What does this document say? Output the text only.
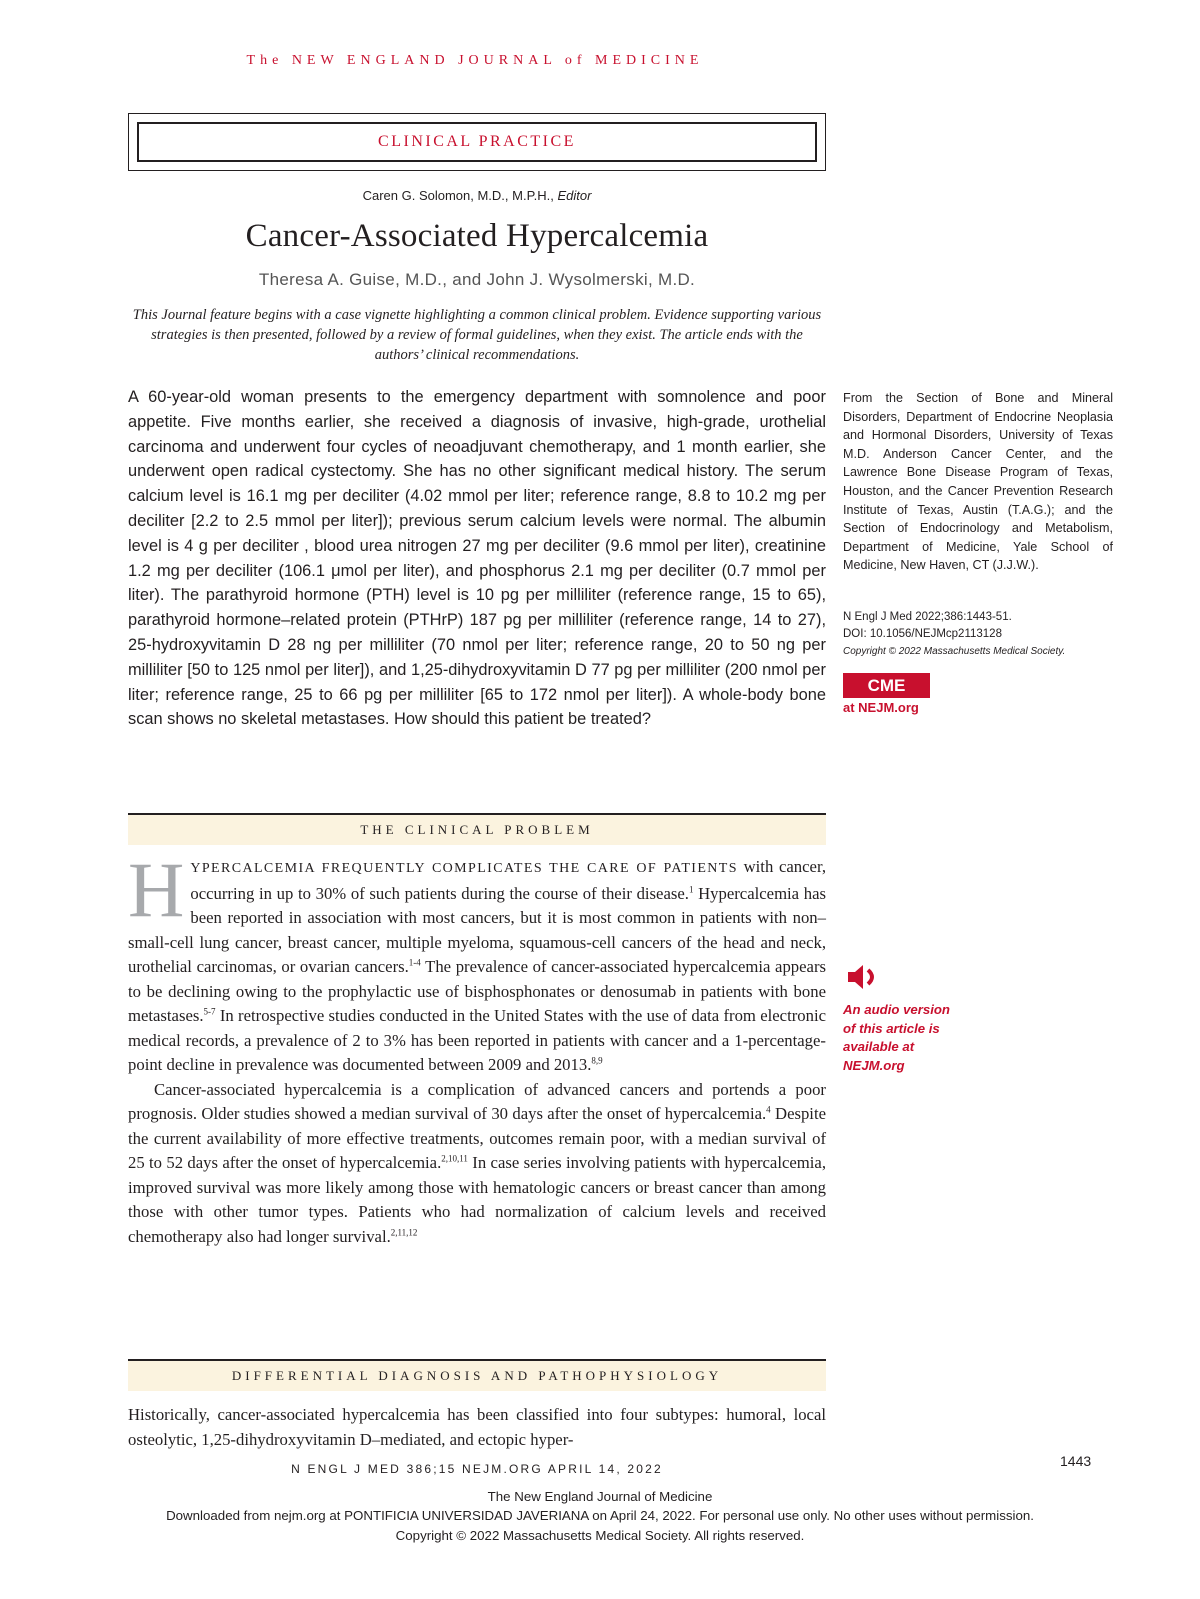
The NEW ENGLAND JOURNAL of MEDICINE
CLINICAL PRACTICE
Caren G. Solomon, M.D., M.P.H., Editor
Cancer-Associated Hypercalcemia
Theresa A. Guise, M.D., and John J. Wysolmerski, M.D.
This Journal feature begins with a case vignette highlighting a common clinical problem. Evidence supporting various strategies is then presented, followed by a review of formal guidelines, when they exist. The article ends with the authors’ clinical recommendations.
A 60-year-old woman presents to the emergency department with somnolence and poor appetite. Five months earlier, she received a diagnosis of invasive, high-grade, urothelial carcinoma and underwent four cycles of neoadjuvant chemotherapy, and 1 month earlier, she underwent open radical cystectomy. She has no other significant medical history. The serum calcium level is 16.1 mg per deciliter (4.02 mmol per liter; reference range, 8.8 to 10.2 mg per deciliter [2.2 to 2.5 mmol per liter]); previous serum calcium levels were normal. The albumin level is 4 g per deciliter , blood urea nitrogen 27 mg per deciliter (9.6 mmol per liter), creatinine 1.2 mg per deciliter (106.1 μmol per liter), and phosphorus 2.1 mg per deciliter (0.7 mmol per liter). The parathyroid hormone (PTH) level is 10 pg per milliliter (reference range, 15 to 65), parathyroid hormone–related protein (PTHrP) 187 pg per milliliter (reference range, 14 to 27), 25-hydroxyvitamin D 28 ng per milliliter (70 nmol per liter; reference range, 20 to 50 ng per milliliter [50 to 125 nmol per liter]), and 1,25-dihydroxyvitamin D 77 pg per milliliter (200 nmol per liter; reference range, 25 to 66 pg per milliliter [65 to 172 nmol per liter]). A whole-body bone scan shows no skeletal metastases. How should this patient be treated?
From the Section of Bone and Mineral Disorders, Department of Endocrine Neoplasia and Hormonal Disorders, University of Texas M.D. Anderson Cancer Center, and the Lawrence Bone Disease Program of Texas, Houston, and the Cancer Prevention Research Institute of Texas, Austin (T.A.G.); and the Section of Endocrinology and Metabolism, Department of Medicine, Yale School of Medicine, New Haven, CT (J.J.W.).
N Engl J Med 2022;386:1443-51.
DOI: 10.1056/NEJMcp2113128
Copyright © 2022 Massachusetts Medical Society.
CME
at NEJM.org
THE CLINICAL PROBLEM

HYPERCALCEMIA FREQUENTLY COMPLICATES THE CARE OF PATIENTS with cancer, occurring in up to 30% of such patients during the course of their disease.$^1$ Hypercalcemia has been reported in association with most cancers, but it is most common in patients with non–small-cell lung cancer, breast cancer, multiple myeloma, squamous-cell cancers of the head and neck, urothelial carcinomas, or ovarian cancers.$^{1-4}$ The prevalence of cancer-associated hypercalcemia appears to be declining owing to the prophylactic use of bisphosphonates or denosumab in patients with bone metastases.$^{5-7}$ In retrospective studies conducted in the United States with the use of data from electronic medical records, a prevalence of 2 to 3% has been reported in patients with cancer and a 1-percentage-point decline in prevalence was documented between 2009 and 2013.$^{8,9}$

Cancer-associated hypercalcemia is a complication of advanced cancers and portends a poor prognosis. Older studies showed a median survival of 30 days after the onset of hypercalcemia.$^4$ Despite the current availability of more effective treatments, outcomes remain poor, with a median survival of 25 to 52 days after the onset of hypercalcemia.$^{2,10,11}$ In case series involving patients with hypercalcemia, improved survival was more likely among those with hematologic cancers or breast cancer than among those with other tumor types. Patients who had normalization of calcium levels and received chemotherapy also had longer survival.$^{2,11,12}$

An audio version
of this article is
available at
NEJM.org
DIFFERENTIAL DIAGNOSIS AND PATHOPHYSIOLOGY

Historically, cancer-associated hypercalcemia has been classified into four subtypes: humoral, local osteolytic, 1,25-dihydroxyvitamin D–mediated, and ectopic hyper-

N ENGL J MED 386;15 NEJM.ORG APRIL 14, 2022	1443
The New England Journal of Medicine
Downloaded from nejm.org at PONTIFICIA UNIVERSIDAD JAVERIANA on April 24, 2022. For personal use only. No other uses without permission.
Copyright © 2022 Massachusetts Medical Society. All rights reserved.
